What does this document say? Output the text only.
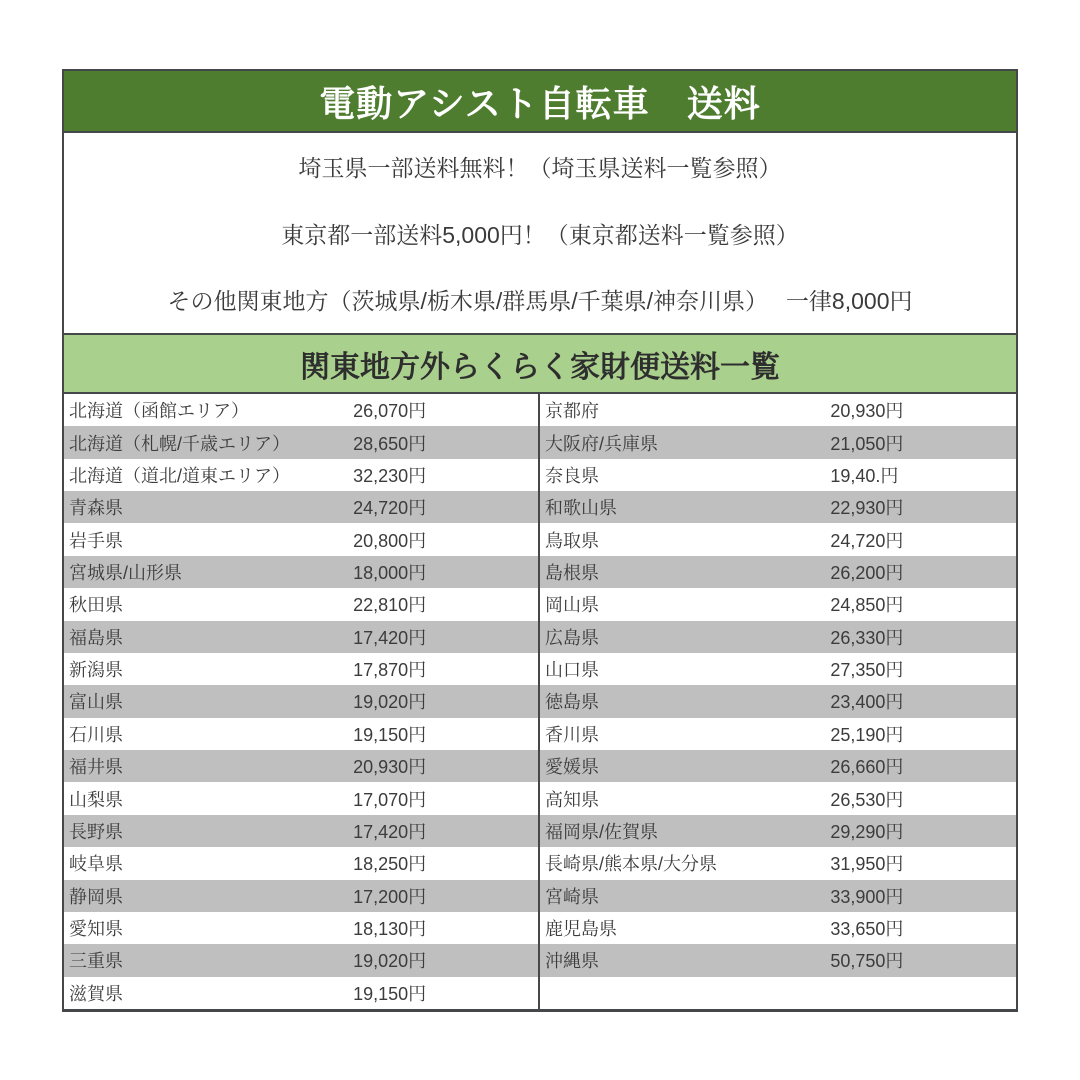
電動アシスト自転車　送料
埼玉県一部送料無料！（埼玉県送料一覧参照）
東京都一部送料5,000円！（東京都送料一覧参照）
その他関東地方（茨城県/栃木県/群馬県/千葉県/神奈川県）　 一律8,000円
関東地方外らくらく家財便送料一覧
北海道（函館エリア）	26,070円
北海道（札幌/千歳エリア）	28,650円
北海道（道北/道東エリア）	32,230円
青森県	24,720円
岩手県	20,800円
宮城県/山形県	18,000円
秋田県	22,810円
福島県	17,420円
新潟県	17,870円
富山県	19,020円
石川県	19,150円
福井県	20,930円
山梨県	17,070円
長野県	17,420円
岐阜県	18,250円
静岡県	17,200円
愛知県	18,130円
三重県	19,020円
滋賀県	19,150円
京都府	20,930円
大阪府/兵庫県	21,050円
奈良県	19,40.円
和歌山県	22,930円
鳥取県	24,720円
島根県	26,200円
岡山県	24,850円
広島県	26,330円
山口県	27,350円
徳島県	23,400円
香川県	25,190円
愛媛県	26,660円
高知県	26,530円
福岡県/佐賀県	29,290円
長崎県/熊本県/大分県	31,950円
宮崎県	33,900円
鹿児島県	33,650円
沖縄県	50,750円
